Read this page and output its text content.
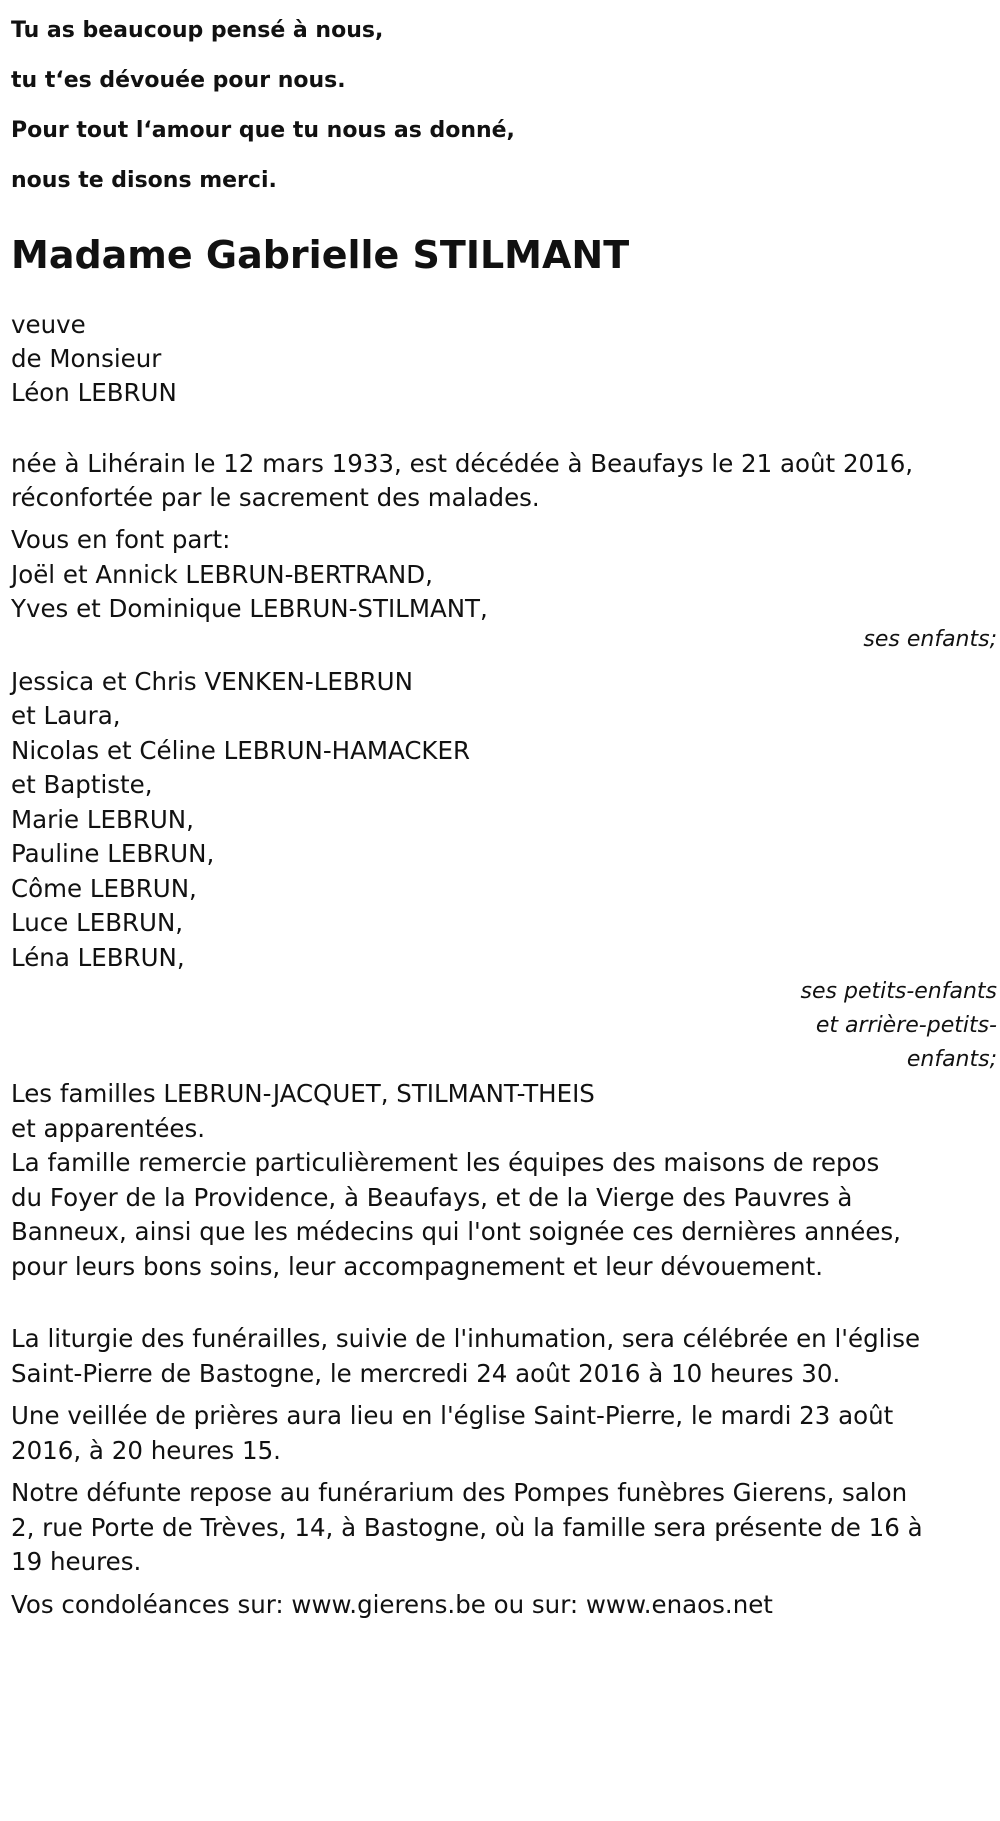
Tu as beaucoup pensé à nous,

tu t‘es dévouée pour nous.

Pour tout l‘amour que tu nous as donné,

nous te disons merci.

Madame Gabrielle STILMANT
veuve
de Monsieur
Léon LEBRUN
née à Lihérain le 12 mars 1933, est décédée à Beaufays le 21 août 2016,
réconfortée par le sacrement des malades.
Vous en font part:
Joël et Annick LEBRUN-BERTRAND,
Yves et Dominique LEBRUN-STILMANT,
ses enfants;
Jessica et Chris VENKEN-LEBRUN
et Laura,
Nicolas et Céline LEBRUN-HAMACKER
et Baptiste,
Marie LEBRUN,
Pauline LEBRUN,
Côme LEBRUN,
Luce LEBRUN,
Léna LEBRUN,
ses petits-enfants
et arrière-petits-
enfants;
Les familles LEBRUN-JACQUET, STILMANT-THEIS
et apparentées.
La famille remercie particulièrement les équipes des maisons de repos
du Foyer de la Providence, à Beaufays, et de la Vierge des Pauvres à
Banneux, ainsi que les médecins qui l'ont soignée ces dernières années,
pour leurs bons soins, leur accompagnement et leur dévouement.
La liturgie des funérailles, suivie de l'inhumation, sera célébrée en l'église
Saint-Pierre de Bastogne, le mercredi 24 août 2016 à 10 heures 30.
Une veillée de prières aura lieu en l'église Saint-Pierre, le mardi 23 août
2016, à 20 heures 15.
Notre défunte repose au funérarium des Pompes funèbres Gierens, salon
2, rue Porte de Trèves, 14, à Bastogne, où la famille sera présente de 16 à
19 heures.
Vos condoléances sur: www.gierens.be ou sur: www.enaos.net
